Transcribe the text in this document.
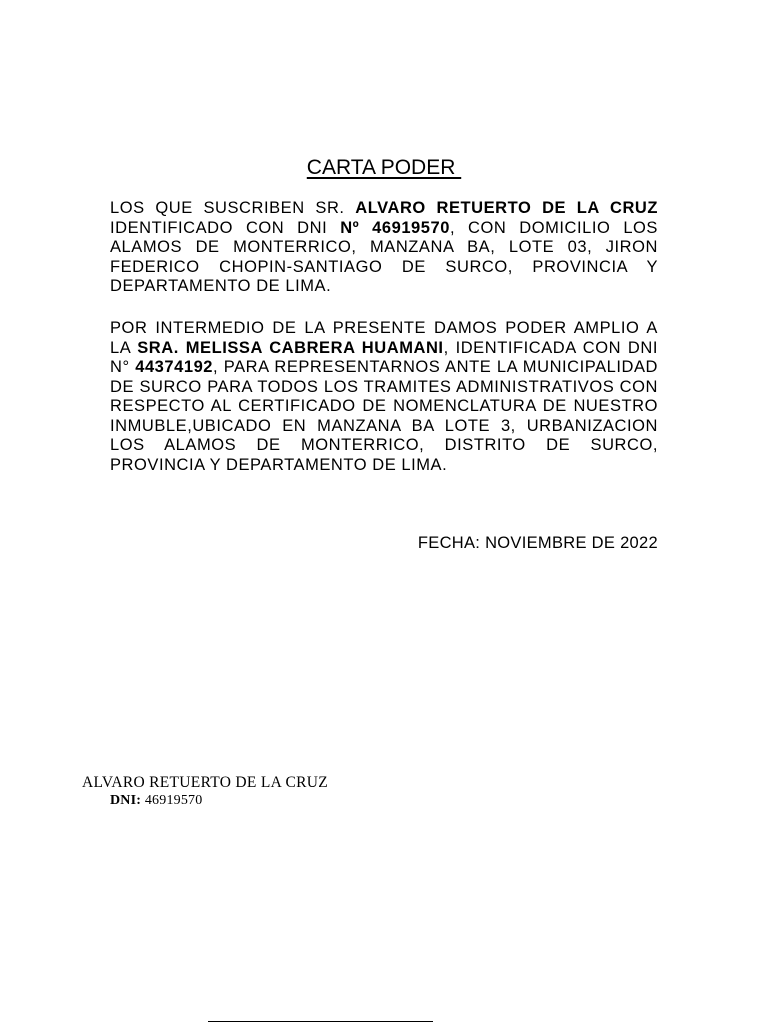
CARTA PODER

LOS QUE SUSCRIBEN SR. ALVARO RETUERTO DE LA CRUZ IDENTIFICADO CON DNI Nº 46919570, CON DOMICILIO LOS ALAMOS DE MONTERRICO, MANZANA BA, LOTE 03, JIRON FEDERICO CHOPIN-SANTIAGO DE SURCO, PROVINCIA Y DEPARTAMENTO DE LIMA.

POR INTERMEDIO DE LA PRESENTE DAMOS PODER AMPLIO A LA SRA. MELISSA CABRERA HUAMANI, IDENTIFICADA CON DNI N° 44374192, PARA REPRESENTARNOS ANTE LA MUNICIPALIDAD DE SURCO PARA TODOS LOS TRAMITES ADMINISTRATIVOS CON RESPECTO AL CERTIFICADO DE NOMENCLATURA DE NUESTRO INMUBLE,UBICADO EN MANZANA BA LOTE 3, URBANIZACION LOS ALAMOS DE MONTERRICO, DISTRITO DE SURCO, PROVINCIA Y DEPARTAMENTO DE LIMA.

FECHA: NOVIEMBRE DE 2022
ALVARO RETUERTO DE LA CRUZ
DNI: 46919570
